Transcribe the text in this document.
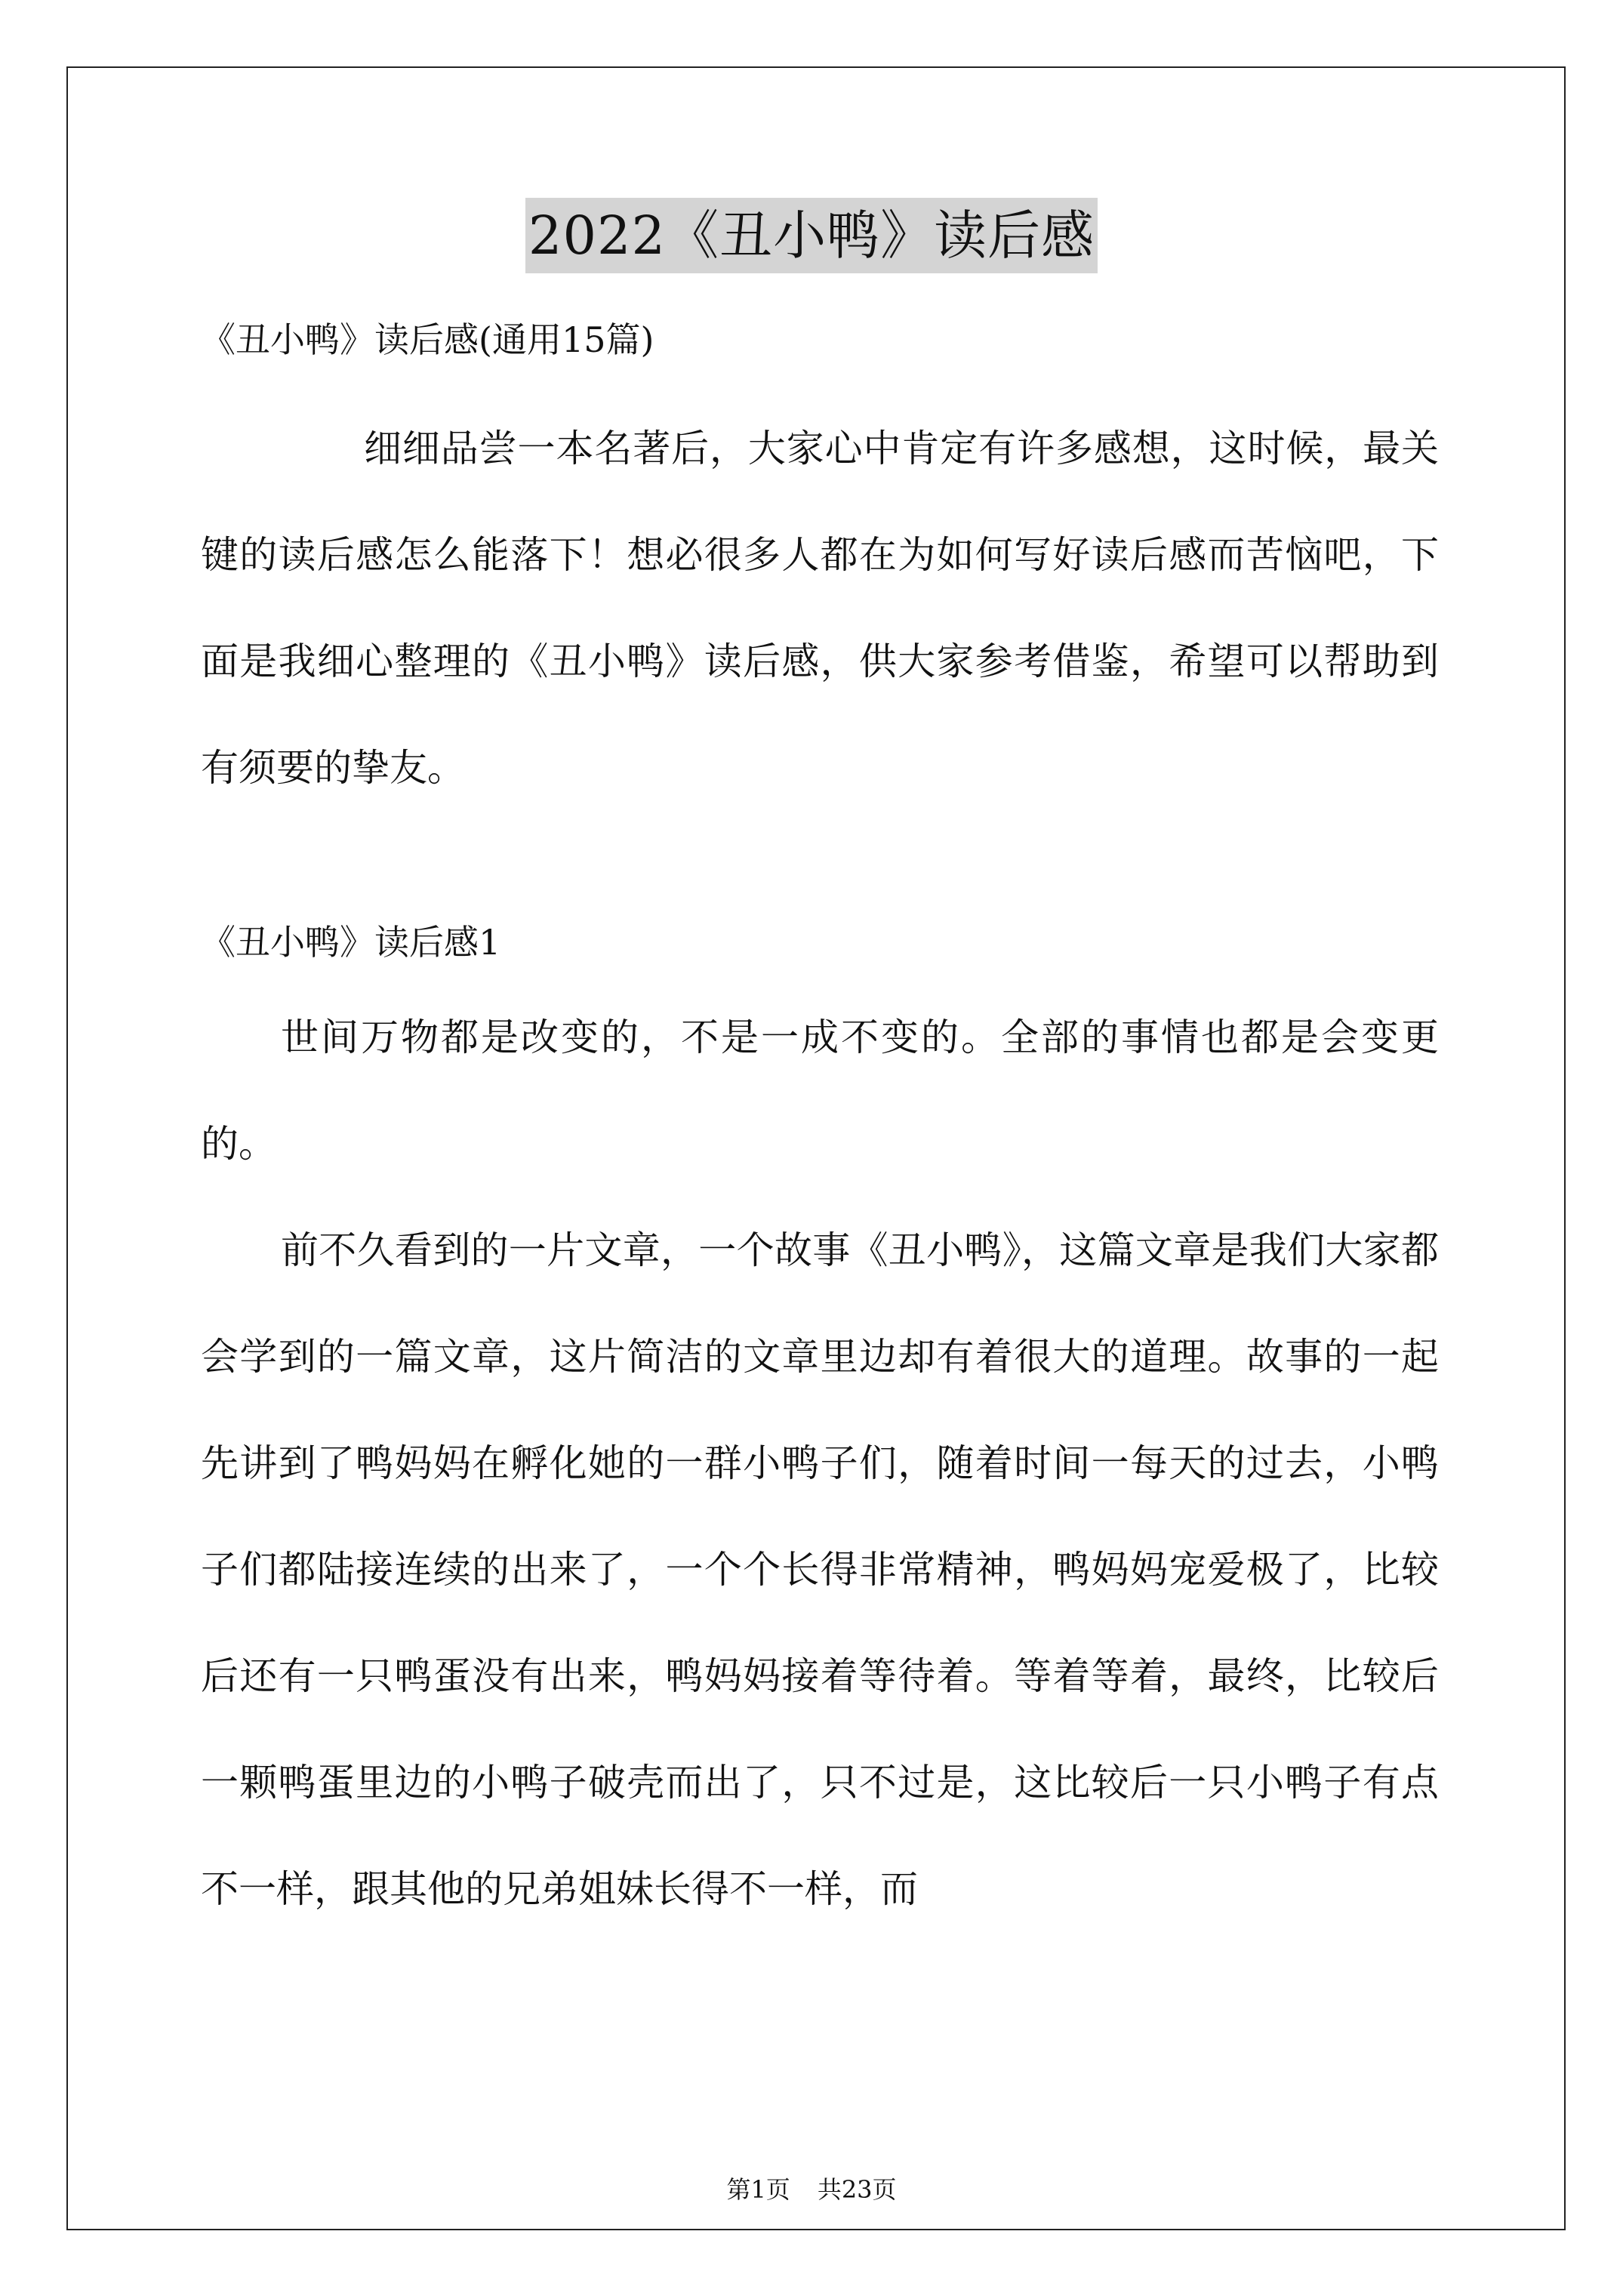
2022《丑小鸭》读后感

《丑小鸭》读后感(通用15篇)

细细品尝一本名著后，大家心中肯定有许多感想，这时候，最关键的读后感怎么能落下！想必很多人都在为如何写好读后感而苦恼吧，下面是我细心整理的《丑小鸭》读后感，供大家参考借鉴，希望可以帮助到有须要的挚友。

《丑小鸭》读后感1

世间万物都是改变的，不是一成不变的。全部的事情也都是会变更的。

前不久看到的一片文章，一个故事《丑小鸭》，这篇文章是我们大家都会学到的一篇文章，这片简洁的文章里边却有着很大的道理。故事的一起先讲到了鸭妈妈在孵化她的一群小鸭子们，随着时间一每天的过去，小鸭子们都陆接连续的出来了，一个个长得非常精神，鸭妈妈宠爱极了，比较后还有一只鸭蛋没有出来，鸭妈妈接着等待着。等着等着，最终，比较后一颗鸭蛋里边的小鸭子破壳而出了，只不过是，这比较后一只小鸭子有点不一样，跟其他的兄弟姐妹长得不一样，而

第1页 共23页
